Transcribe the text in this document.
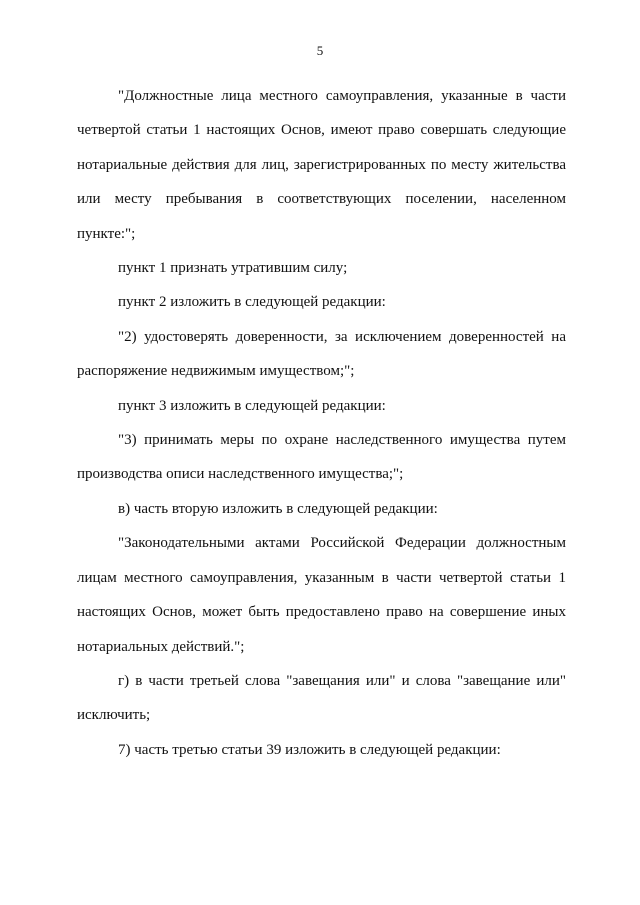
5

"Должностные лица местного самоуправления, указанные в части четвертой статьи 1 настоящих Основ, имеют право совершать следующие нотариальные действия для лиц, зарегистрированных по месту жительства или месту пребывания в соответствующих поселении, населенном пункте:";

пункт 1 признать утратившим силу;

пункт 2 изложить в следующей редакции:

"2) удостоверять доверенности, за исключением доверенностей на распоряжение недвижимым имуществом;";

пункт 3 изложить в следующей редакции:

"3) принимать меры по охране наследственного имущества путем производства описи наследственного имущества;";

в) часть вторую изложить в следующей редакции:

"Законодательными актами Российской Федерации должностным лицам местного самоуправления, указанным в части четвертой статьи 1 настоящих Основ, может быть предоставлено право на совершение иных нотариальных действий.";

г) в части третьей слова "завещания или" и слова "завещание или" исключить;

7) часть третью статьи 39 изложить в следующей редакции:
